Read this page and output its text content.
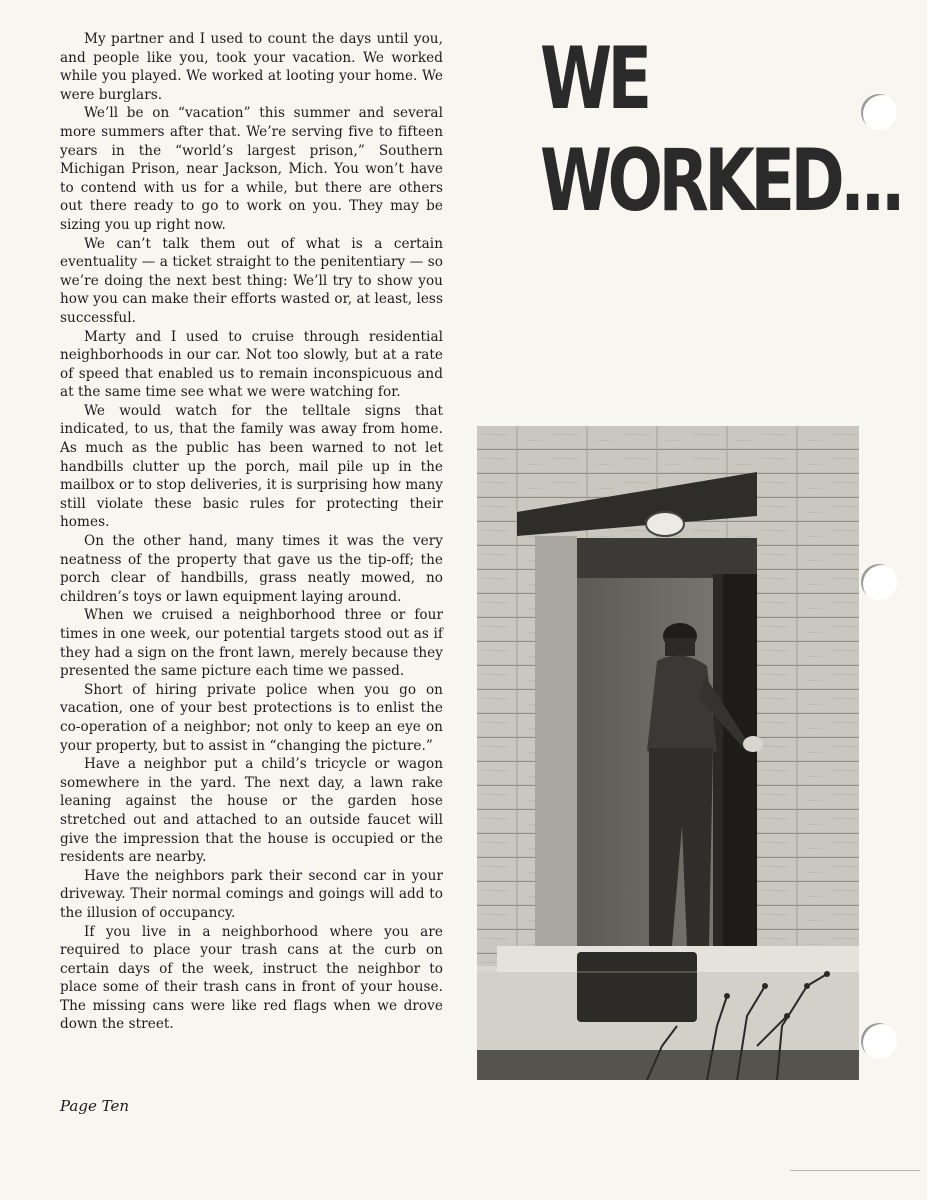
My partner and I used to count the days until you, and people like you, took your vacation. We worked while you played. We worked at looting your home. We were burglars.

We’ll be on “vacation” this summer and several more summers after that. We’re serving five to fifteen years in the “world’s largest prison,” Southern Michigan Prison, near Jackson, Mich. You won’t have to contend with us for a while, but there are others out there ready to go to work on you. They may be sizing you up right now.

We can’t talk them out of what is a certain eventuality — a ticket straight to the penitentiary — so we’re doing the next best thing: We’ll try to show you how you can make their efforts wasted or, at least, less successful.

Marty and I used to cruise through residential neighborhoods in our car. Not too slowly, but at a rate of speed that enabled us to remain inconspicuous and at the same time see what we were watching for.

We would watch for the telltale signs that indicated, to us, that the family was away from home. As much as the public has been warned to not let handbills clutter up the porch, mail pile up in the mailbox or to stop deliveries, it is surprising how many still violate these basic rules for protecting their homes.

On the other hand, many times it was the very neatness of the property that gave us the tip-off; the porch clear of handbills, grass neatly mowed, no children’s toys or lawn equipment laying around.

When we cruised a neighborhood three or four times in one week, our potential targets stood out as if they had a sign on the front lawn, merely because they presented the same picture each time we passed.

Short of hiring private police when you go on vacation, one of your best protections is to enlist the co-operation of a neighbor; not only to keep an eye on your property, but to assist in “changing the picture.”

Have a neighbor put a child’s tricycle or wagon somewhere in the yard. The next day, a lawn rake leaning against the house or the garden hose stretched out and attached to an outside faucet will give the impression that the house is occupied or the residents are nearby.

Have the neighbors park their second car in your driveway. Their normal comings and goings will add to the illusion of occupancy.

If you live in a neighborhood where you are required to place your trash cans at the curb on certain days of the week, instruct the neighbor to place some of their trash cans in front of your house. The missing cans were like red flags when we drove down the street.

Page Ten
WE
WORKED...
